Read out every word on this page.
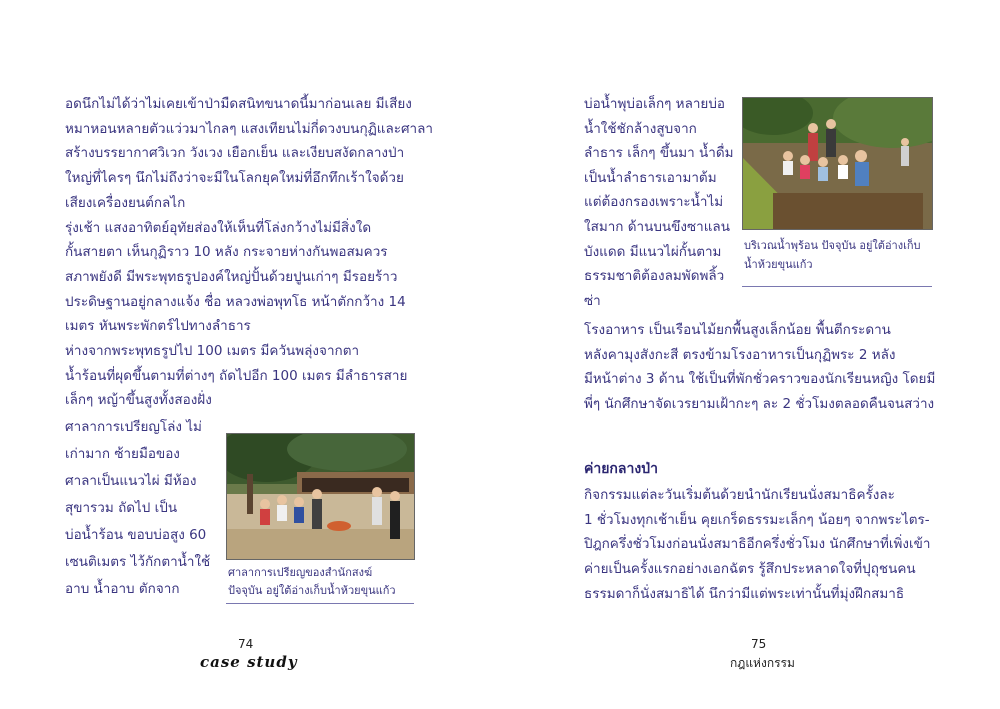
อดนึกไม่ได้ว่าไม่เคยเข้าป่ามืดสนิทขนาดนี้มาก่อนเลย มีเสียง
หมาหอนหลายตัวแว่วมาไกลๆ แสงเทียนไม่กี่ดวงบนกุฏิและศาลา
สร้างบรรยากาศวิเวก วังเวง เยือกเย็น และเงียบสงัดกลางป่า
ใหญ่ที่ไครๆ นึกไม่ถึงว่าจะมีในโลกยุคใหม่ที่อึกทึกเร้าใจด้วย
เสียงเครื่องยนต์กลไก
รุ่งเช้า แสงอาทิตย์อุทัยส่องให้เห็นที่โล่งกว้างไม่มีสิ่งใด
กั้นสายตา เห็นกุฏิราว 10 หลัง กระจายห่างกันพอสมควร
สภาพยังดี มีพระพุทธรูปองค์ใหญ่ปั้นด้วยปูนเก่าๆ มีรอยร้าว
ประดิษฐานอยู่กลางแจ้ง ชื่อ หลวงพ่อพุทโธ หน้าตักกว้าง 14
เมตร หันพระพักตร์ไปทางลำธาร
ห่างจากพระพุทธรูปไป 100 เมตร มีควันพลุ่งจากตา
น้ำร้อนที่ผุดขึ้นตามที่ต่างๆ ถัดไปอีก 100 เมตร มีลำธารสาย
เล็กๆ หญ้าขึ้นสูงทั้งสองฝั่ง
ศาลาการเปรียญโล่ง ไม่
เก่ามาก ซ้ายมือของ
ศาลาเป็นแนวไผ่ มีห้อง
สุขารวม ถัดไป เป็น
บ่อน้ำร้อน ขอบบ่อสูง 60
เซนติเมตร ไว้กักตาน้ำใช้
อาบ น้ำอาบ ตักจาก
ศาลาการเปรียญของสำนักสงฆ์
ปัจจุบัน อยู่ใต้อ่างเก็บน้ำห้วยขุนแก้ว
74
case study
บ่อน้ำพุบ่อเล็กๆ หลายบ่อ
น้ำใช้ชักล้างสูบจาก
ลำธาร เล็กๆ ขึ้นมา น้ำดื่ม
เป็นน้ำลำธารเอามาต้ม
แต่ต้องกรองเพราะน้ำไม่
ใสมาก ด้านบนขึงซาแลน
บังแดด มีแนวไผ่กั้นตาม
ธรรมชาติต้องลมพัดพลิ้ว
ซ่า
บริเวณน้ำพุร้อน ปัจจุบัน อยู่ใต้อ่างเก็บ
น้ำห้วยขุนแก้ว
โรงอาหาร เป็นเรือนไม้ยกพื้นสูงเล็กน้อย พื้นตีกระดาน
หลังคามุงสังกะสี ตรงข้ามโรงอาหารเป็นกุฏิพระ 2 หลัง
มีหน้าต่าง 3 ด้าน ใช้เป็นที่พักชั่วคราวของนักเรียนหญิง โดยมี
พี่ๆ นักศึกษาจัดเวรยามเฝ้ากะๆ ละ 2 ชั่วโมงตลอดคืนจนสว่าง
ค่ายกลางป่า
กิจกรรมแต่ละวันเริ่มต้นด้วยนำนักเรียนนั่งสมาธิครั้งละ
1 ชั่วโมงทุกเช้าเย็น คุยเกร็ดธรรมะเล็กๆ น้อยๆ จากพระไตร-
ปิฎกครึ่งชั่วโมงก่อนนั่งสมาธิอีกครึ่งชั่วโมง นักศึกษาที่เพิ่งเข้า
ค่ายเป็นครั้งแรกอย่างเอกฉัตร รู้สึกประหลาดใจที่ปุถุชนคน
ธรรมดาก็นั่งสมาธิได้ นึกว่ามีแต่พระเท่านั้นที่มุ่งฝึกสมาธิ
75
กฎแห่งกรรม
